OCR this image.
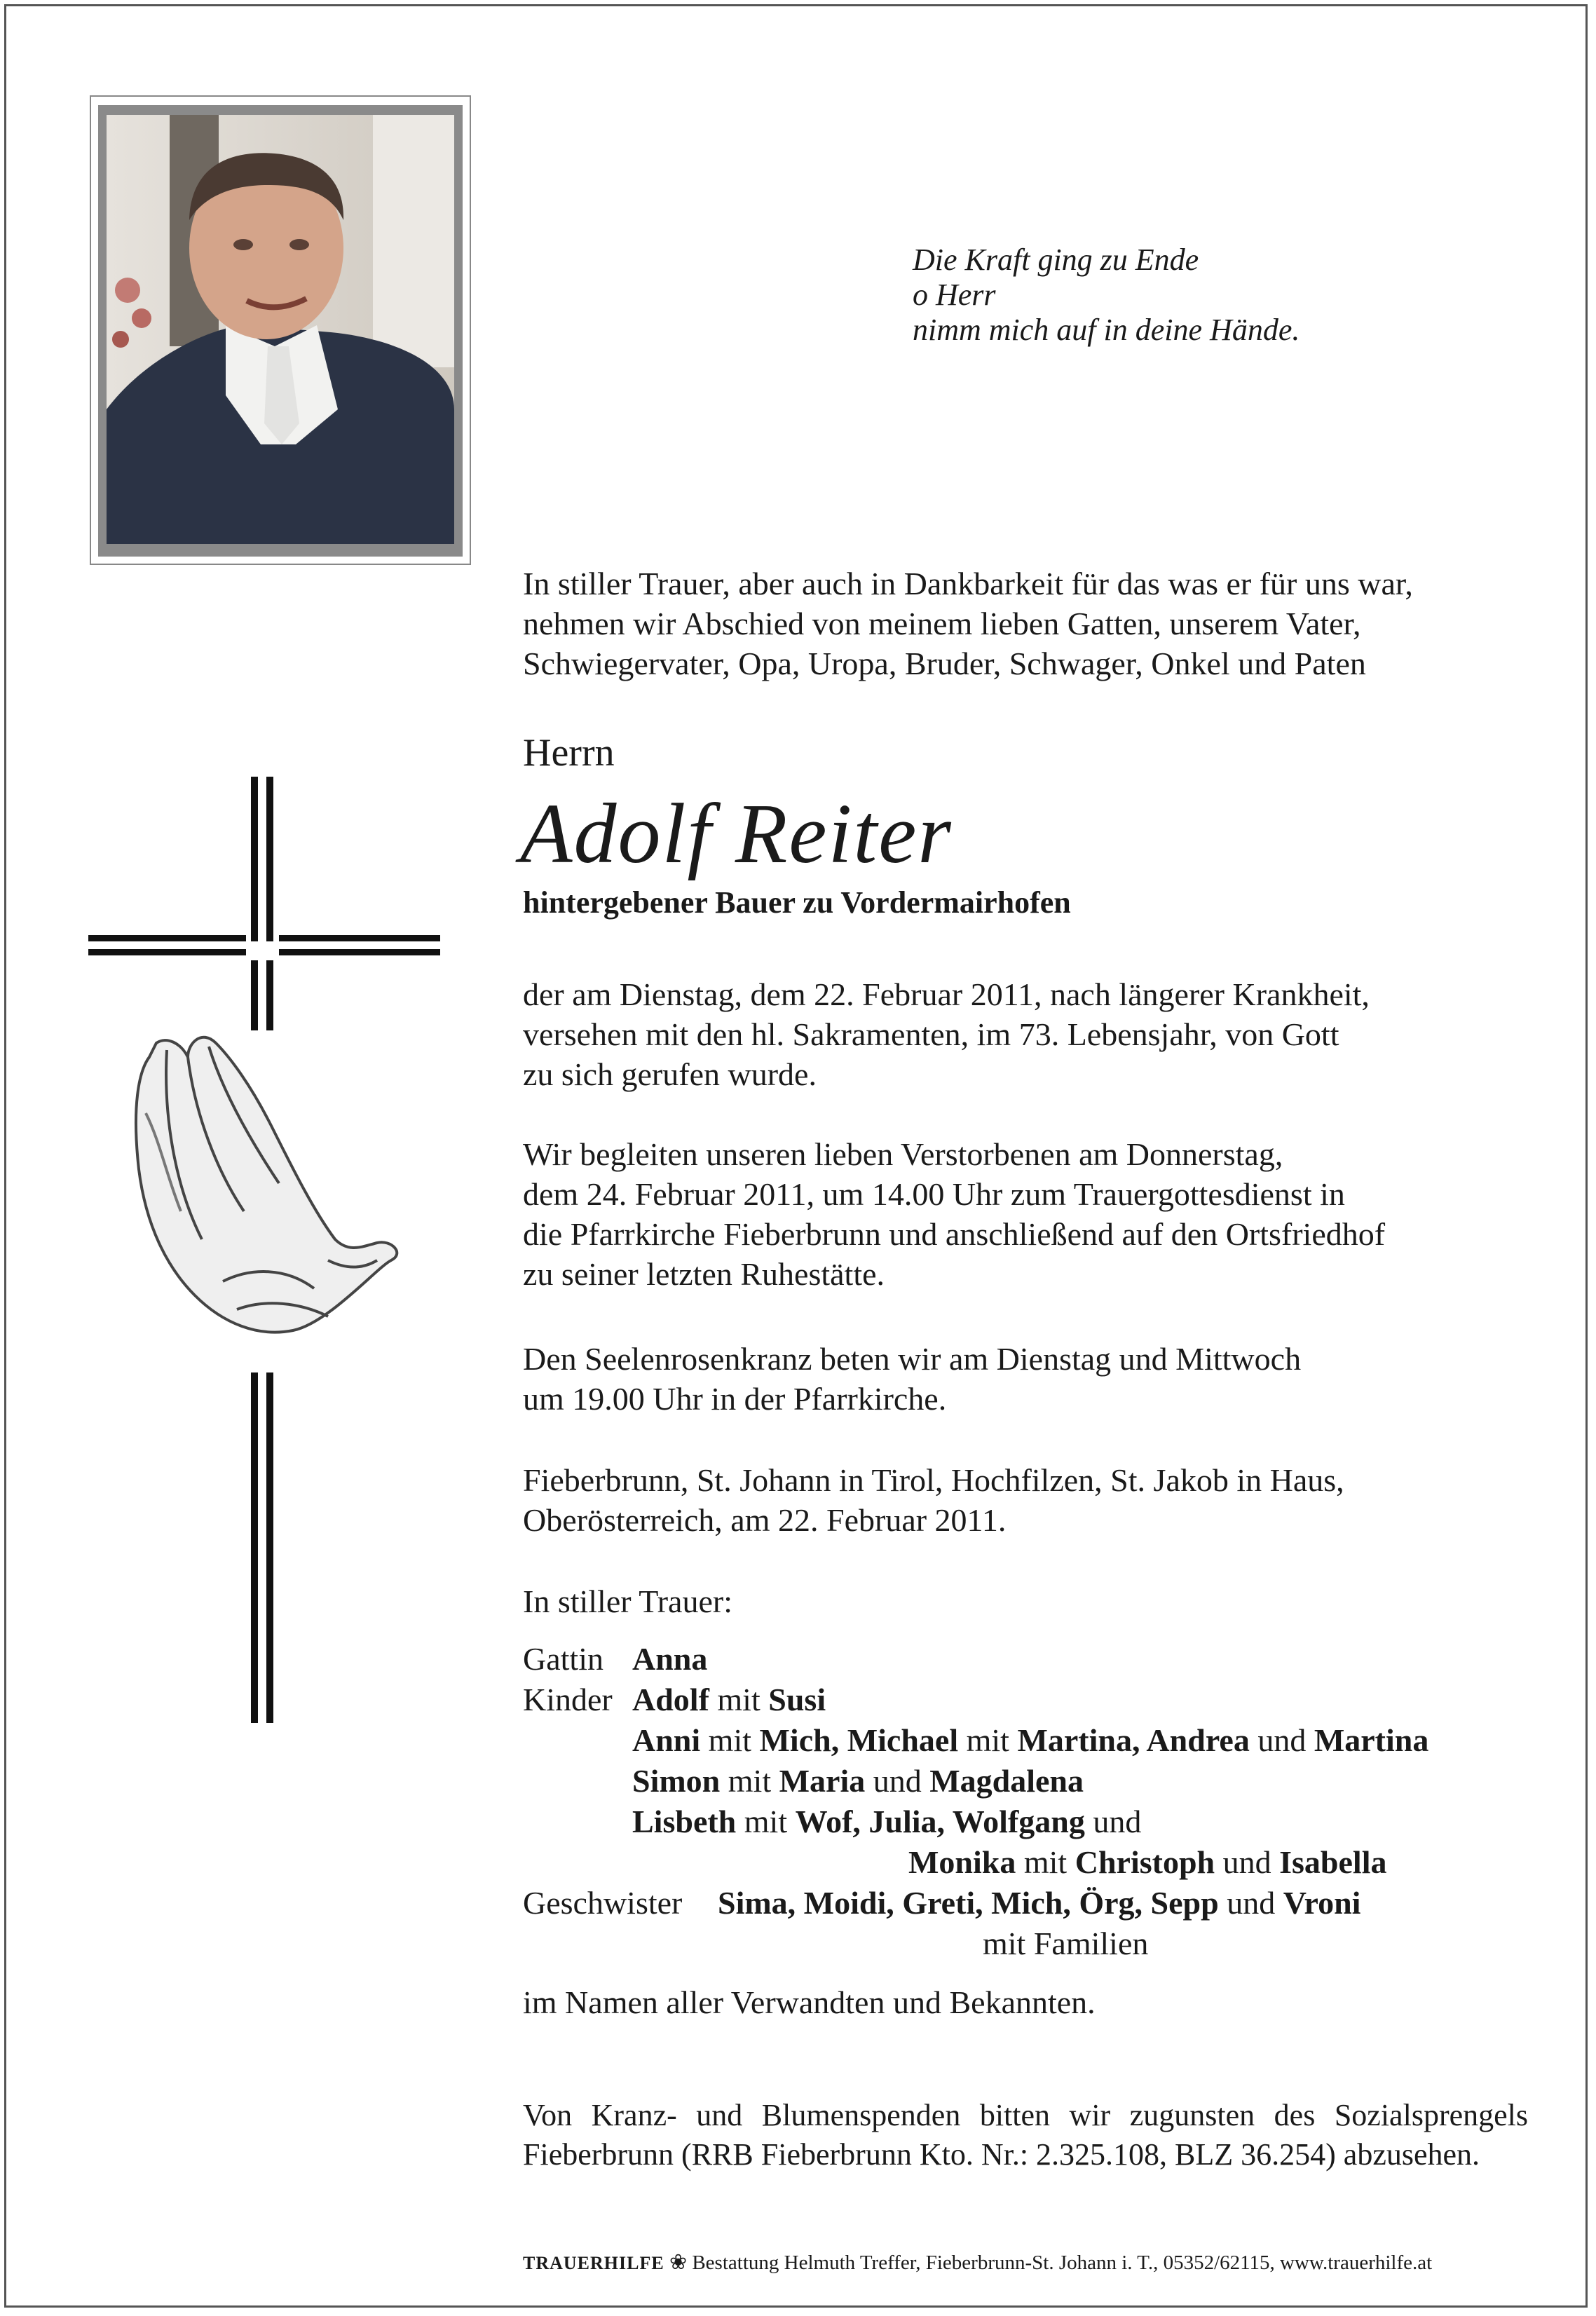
Die Kraft ging zu Ende
o Herr
nimm mich auf in deine Hände.
In stiller Trauer, aber auch in Dankbarkeit für das was er für uns war,
nehmen wir Abschied von meinem lieben Gatten, unserem Vater,
Schwiegervater, Opa, Uropa, Bruder, Schwager, Onkel und Paten
Herrn
Adolf Reiter
hintergebener Bauer zu Vordermairhofen
der am Dienstag, dem 22. Februar 2011, nach längerer Krankheit,
versehen mit den hl. Sakramenten, im 73. Lebensjahr, von Gott
zu sich gerufen wurde.
Wir begleiten unseren lieben Verstorbenen am Donnerstag,
dem 24. Februar 2011, um 14.00 Uhr zum Trauergottesdienst in
die Pfarrkirche Fieberbrunn und anschließend auf den Ortsfriedhof
zu seiner letzten Ruhestätte.
Den Seelenrosenkranz beten wir am Dienstag und Mittwoch
um 19.00 Uhr in der Pfarrkirche.
Fieberbrunn, St. Johann in Tirol, Hochfilzen, St. Jakob in Haus,
Oberösterreich, am 22. Februar 2011.
In stiller Trauer:
Gattin Anna
Kinder Adolf mit Susi
Anni mit Mich, Michael mit Martina, Andrea und Martina
Simon mit Maria und Magdalena
Lisbeth mit Wof, Julia, Wolfgang und
Monika mit Christoph und Isabella
Geschwister Sima, Moidi, Greti, Mich, Örg, Sepp und Vroni
mit Familien
im Namen aller Verwandten und Bekannten.
Von Kranz- und Blumenspenden bitten wir zugunsten des Sozialsprengels Fieberbrunn (RRB Fieberbrunn Kto. Nr.: 2.325.108, BLZ 36.254) abzusehen.
TRAUERHILFE ❀ Bestattung Helmuth Treffer, Fieberbrunn-St. Johann i. T., 05352/62115, www.trauerhilfe.at
